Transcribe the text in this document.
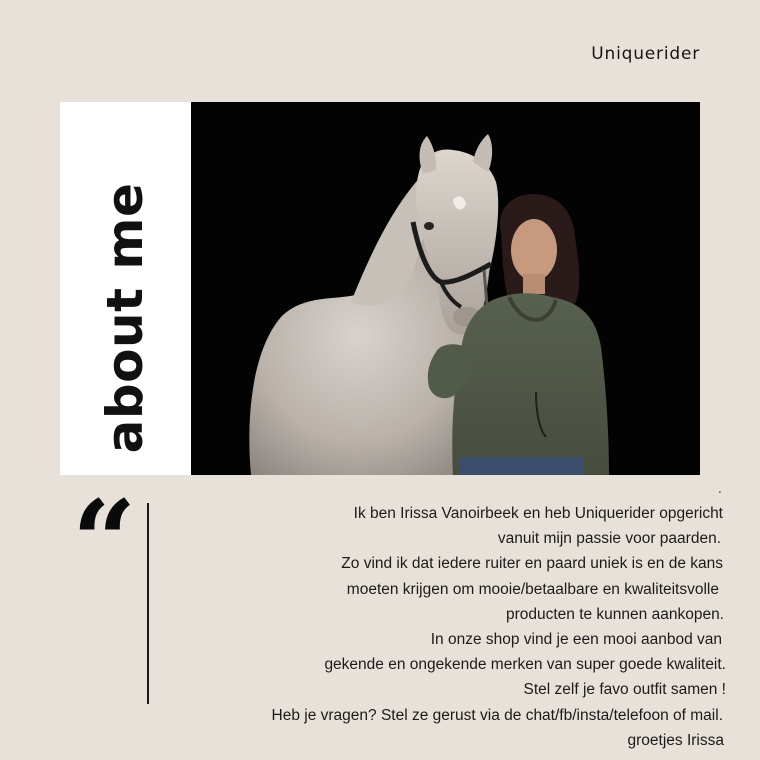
Uniquerider
about me
.
“	Ik ben Irissa Vanoirbeek en heb Uniquerider opgericht
vanuit mijn passie voor paarden.
Zo vind ik dat iedere ruiter en paard uniek is en de kans
moeten krijgen om mooie/betaalbare en kwaliteitsvolle
producten te kunnen aankopen.
In onze shop vind je een mooi aanbod van
gekende en ongekende merken van super goede kwaliteit.
Stel zelf je favo outfit samen !
Heb je vragen? Stel ze gerust via de chat/fb/insta/telefoon of mail.
groetjes Irissa
